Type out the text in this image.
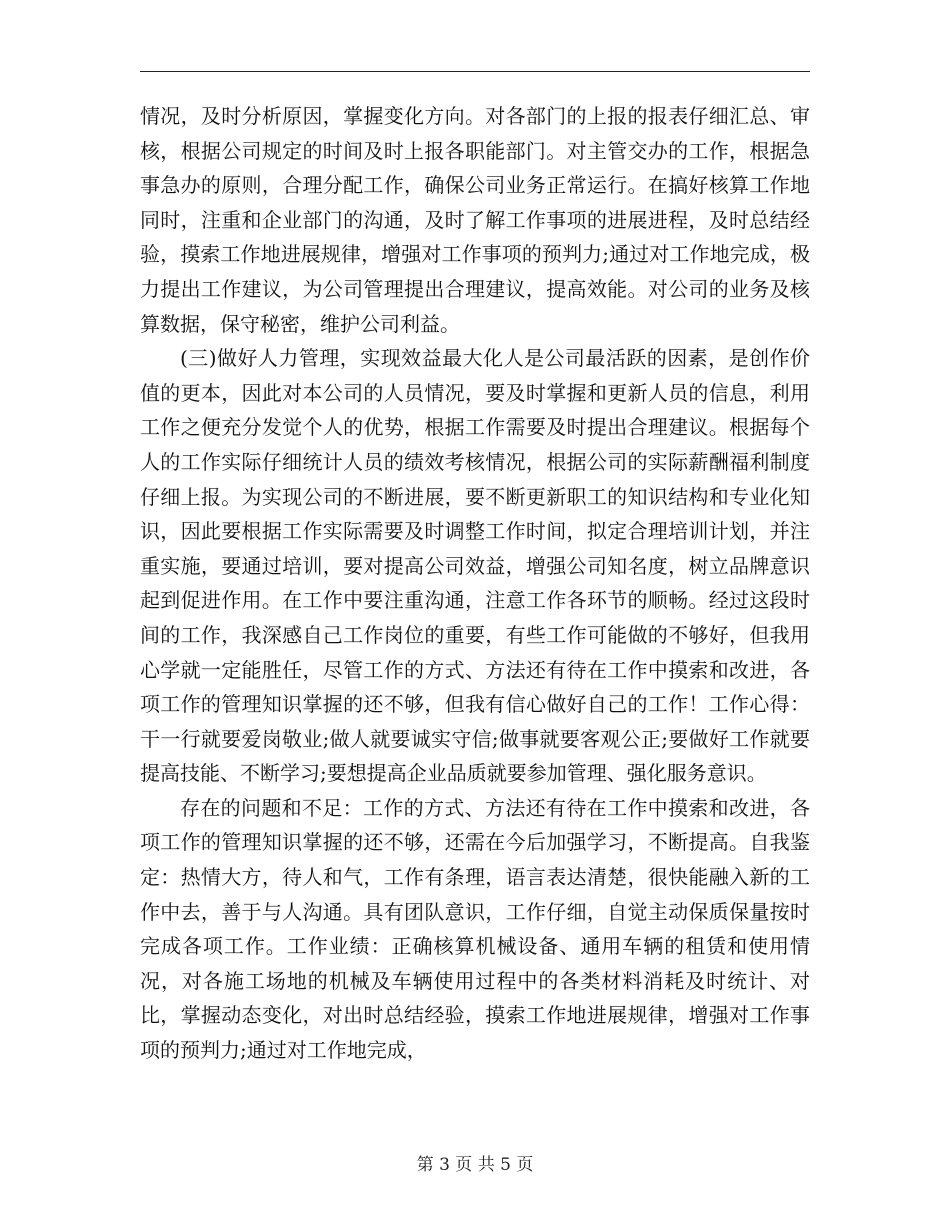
情况，及时分析原因，掌握变化方向。对各部门的上报的报表仔细汇总、审核，根据公司规定的时间及时上报各职能部门。对主管交办的工作，根据急事急办的原则，合理分配工作，确保公司业务正常运行。在搞好核算工作地同时，注重和企业部门的沟通，及时了解工作事项的进展进程，及时总结经验，摸索工作地进展规律，增强对工作事项的预判力;通过对工作地完成，极力提出工作建议，为公司管理提出合理建议，提高效能。对公司的业务及核算数据，保守秘密，维护公司利益。

(三)做好人力管理，实现效益最大化人是公司最活跃的因素，是创作价值的更本，因此对本公司的人员情况，要及时掌握和更新人员的信息，利用工作之便充分发觉个人的优势，根据工作需要及时提出合理建议。根据每个人的工作实际仔细统计人员的绩效考核情况，根据公司的实际薪酬福利制度仔细上报。为实现公司的不断进展，要不断更新职工的知识结构和专业化知识，因此要根据工作实际需要及时调整工作时间，拟定合理培训计划，并注重实施，要通过培训，要对提高公司效益，增强公司知名度，树立品牌意识起到促进作用。在工作中要注重沟通，注意工作各环节的顺畅。经过这段时间的工作，我深感自己工作岗位的重要，有些工作可能做的不够好，但我用心学就一定能胜任，尽管工作的方式、方法还有待在工作中摸索和改进，各项工作的管理知识掌握的还不够，但我有信心做好自己的工作！工作心得：干一行就要爱岗敬业;做人就要诚实守信;做事就要客观公正;要做好工作就要提高技能、不断学习;要想提高企业品质就要参加管理、强化服务意识。

存在的问题和不足：工作的方式、方法还有待在工作中摸索和改进，各项工作的管理知识掌握的还不够，还需在今后加强学习，不断提高。自我鉴定：热情大方，待人和气，工作有条理，语言表达清楚，很快能融入新的工作中去，善于与人沟通。具有团队意识，工作仔细，自觉主动保质保量按时完成各项工作。工作业绩：正确核算机械设备、通用车辆的租赁和使用情况，对各施工场地的机械及车辆使用过程中的各类材料消耗及时统计、对比，掌握动态变化，对出时总结经验，摸索工作地进展规律，增强对工作事项的预判力;通过对工作地完成，

第 3 页 共 5 页
